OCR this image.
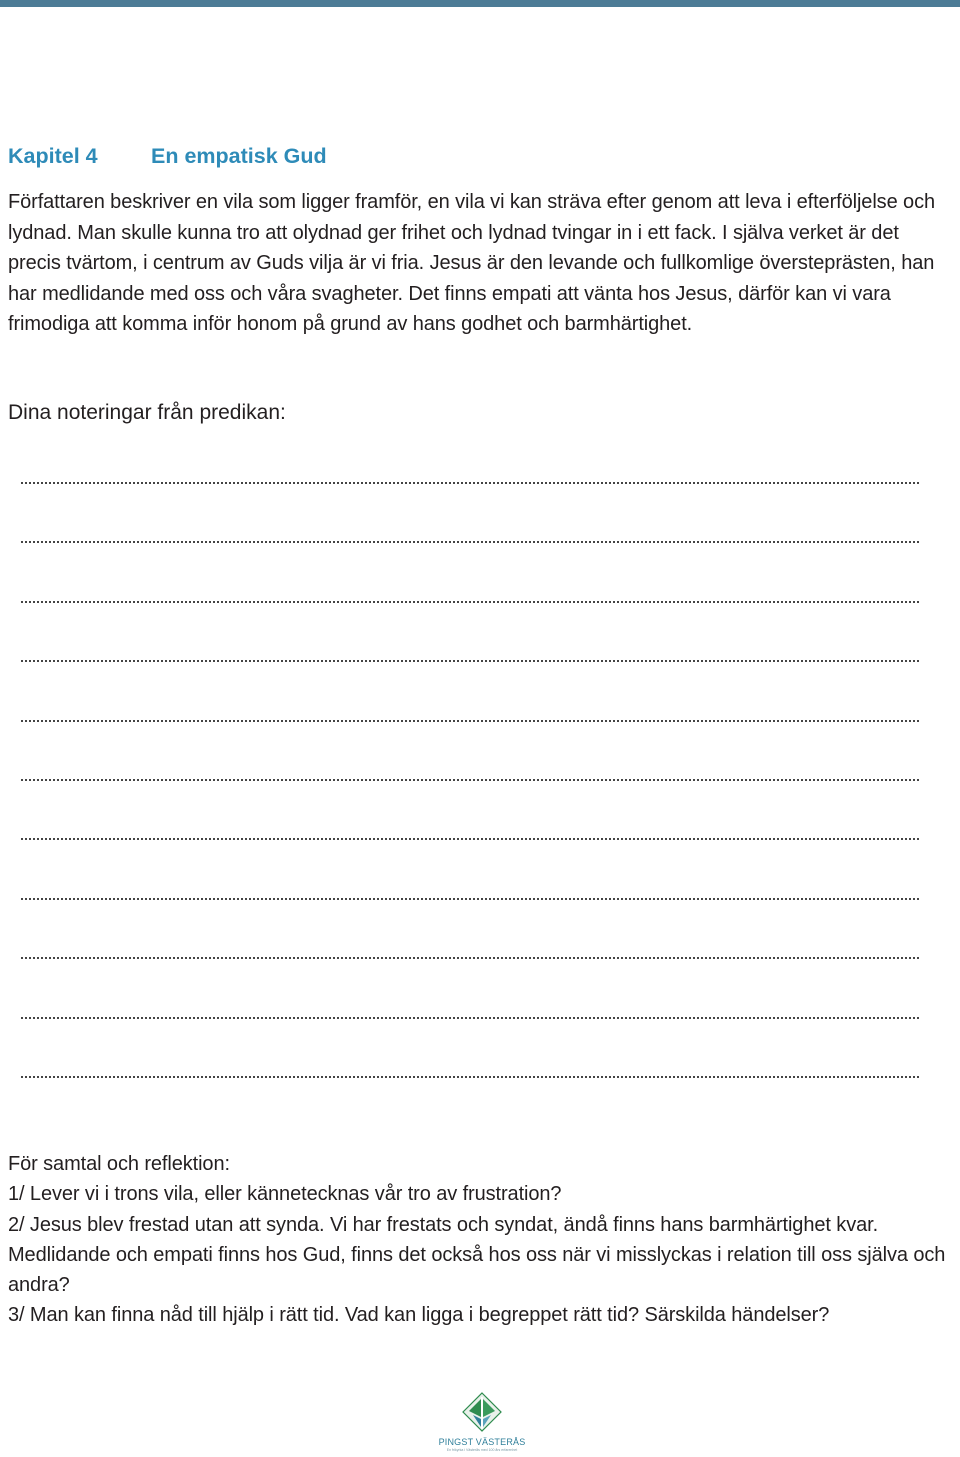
Kapitel 4 En empatisk Gud

Författaren beskriver en vila som ligger framför, en vila vi kan sträva efter genom att leva i efterföljelse och lydnad. Man skulle kunna tro att olydnad ger frihet och lydnad tvingar in i ett fack. I själva verket är det precis tvärtom, i centrum av Guds vilja är vi fria. Jesus är den levande och fullkomlige översteprästen, han har medlidande med oss och våra svagheter. Det finns empati att vänta hos Jesus, därför kan vi vara frimodiga att komma inför honom på grund av hans godhet och barmhärtighet.

Dina noteringar från predikan:

För samtal och reflektion:

1/ Lever vi i trons vila, eller kännetecknas vår tro av frustration?

2/ Jesus blev frestad utan att synda. Vi har frestats och syndat, ändå finns hans barmhärtighet kvar. Medlidande och empati finns hos Gud, finns det också hos oss när vi misslyckas i relation till oss själva och andra?

3/ Man kan finna nåd till hjälp i rätt tid. Vad kan ligga i begreppet rätt tid? Särskilda händelser?

PINGST VÄSTERÅS
En frikyrka i Västerås med 100 års erfarenhet
